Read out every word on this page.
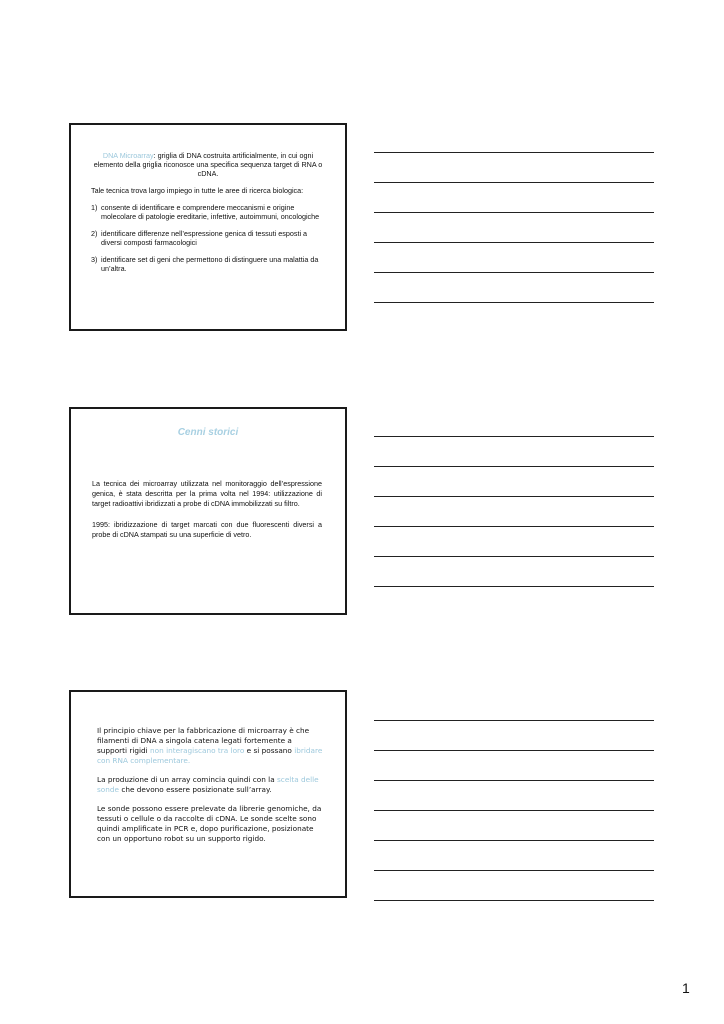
DNA Microarray: griglia di DNA costruita artificialmente, in cui ogni elemento della griglia riconosce una specifica sequenza target di RNA o cDNA.

Tale tecnica trova largo impiego in tutte le aree di ricerca biologica:

1) consente di identificare e comprendere meccanismi e origine molecolare di patologie ereditarie, infettive, autoimmuni, oncologiche
2) identificare differenze nell’espressione genica di tessuti esposti a diversi composti farmacologici
3) identificare set di geni che permettono di distinguere una malattia da un’altra.
Cenni storici

La tecnica dei microarray utilizzata nel monitoraggio dell’espressione genica, è stata descritta per la prima volta nel 1994: utilizzazione di target radioattivi ibridizzati a probe di cDNA immobilizzati su filtro.

1995: ibridizzazione di target marcati con due fluorescenti diversi a probe di cDNA stampati su una superficie di vetro.

Il principio chiave per la fabbricazione di microarray è che filamenti di DNA a singola catena legati fortemente a supporti rigidi non interagiscano tra loro e si possano ibridare con RNA complementare.

La produzione di un array comincia quindi con la scelta delle sonde che devono essere posizionate sull’array.

Le sonde possono essere prelevate da librerie genomiche, da tessuti o cellule o da raccolte di cDNA. Le sonde scelte sono quindi amplificate in PCR e, dopo purificazione, posizionate con un opportuno robot su un supporto rigido.

1
